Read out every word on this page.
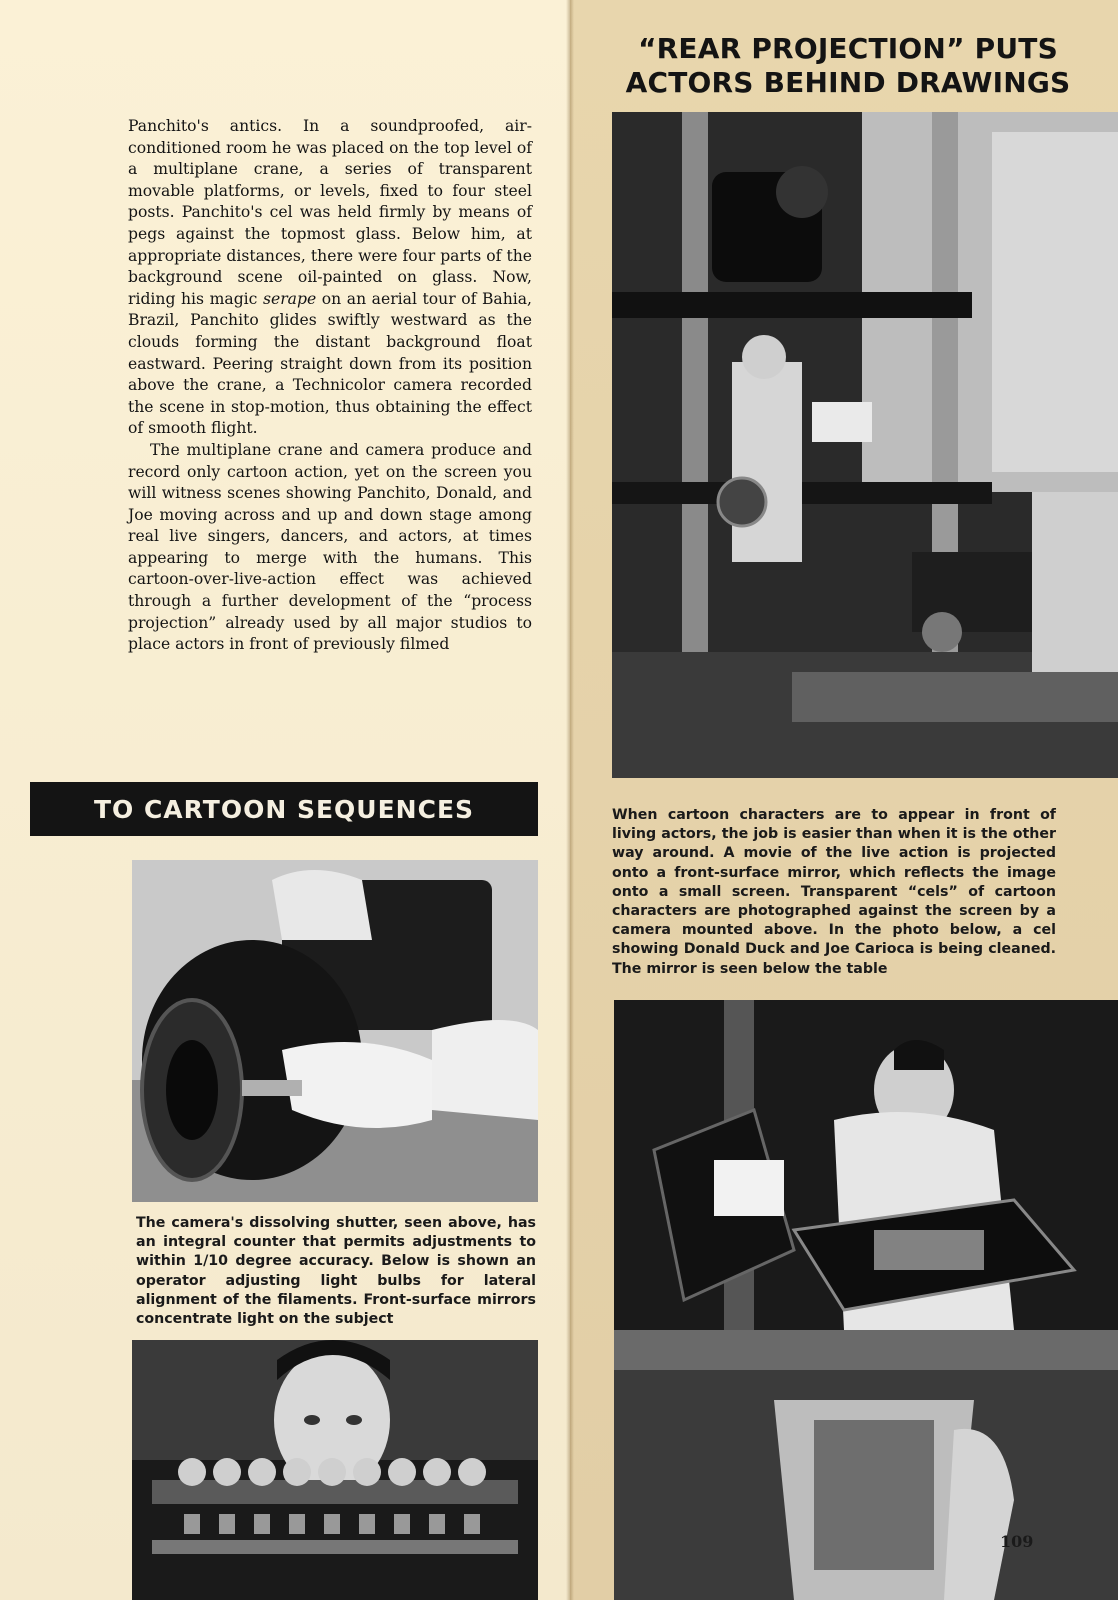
Panchito's antics. In a soundproofed, air-conditioned room he was placed on the top level of a multiplane crane, a series of transparent movable platforms, or levels, fixed to four steel posts. Panchito's cel was held firmly by means of pegs against the topmost glass. Below him, at appropriate distances, there were four parts of the background scene oil-painted on glass. Now, riding his magic serape on an aerial tour of Bahia, Brazil, Panchito glides swiftly westward as the clouds forming the distant background float eastward. Peering straight down from its position above the crane, a Technicolor camera recorded the scene in stop-motion, thus obtaining the effect of smooth flight.

The multiplane crane and camera produce and record only cartoon action, yet on the screen you will witness scenes showing Panchito, Donald, and Joe moving across and up and down stage among real live singers, dancers, and actors, at times appearing to merge with the humans. This cartoon-over-live-action effect was achieved through a further development of the “process projection” already used by all major studios to place actors in front of previously filmed

TO CARTOON SEQUENCES
“REAR PROJECTION” PUTS
ACTORS BEHIND DRAWINGS
When cartoon characters are to appear in front of living actors, the job is easier than when it is the other way around. A movie of the live action is projected onto a front-surface mirror, which reflects the image onto a small screen. Transparent “cels” of cartoon characters are photographed against the screen by a camera mounted above. In the photo below, a cel showing Donald Duck and Joe Carioca is being cleaned. The mirror is seen below the table
The camera's dissolving shutter, seen above, has an integral counter that permits adjustments to within 1/10 degree accuracy. Below is shown an operator adjusting light bulbs for lateral alignment of the filaments. Front-surface mirrors concentrate light on the subject
109
